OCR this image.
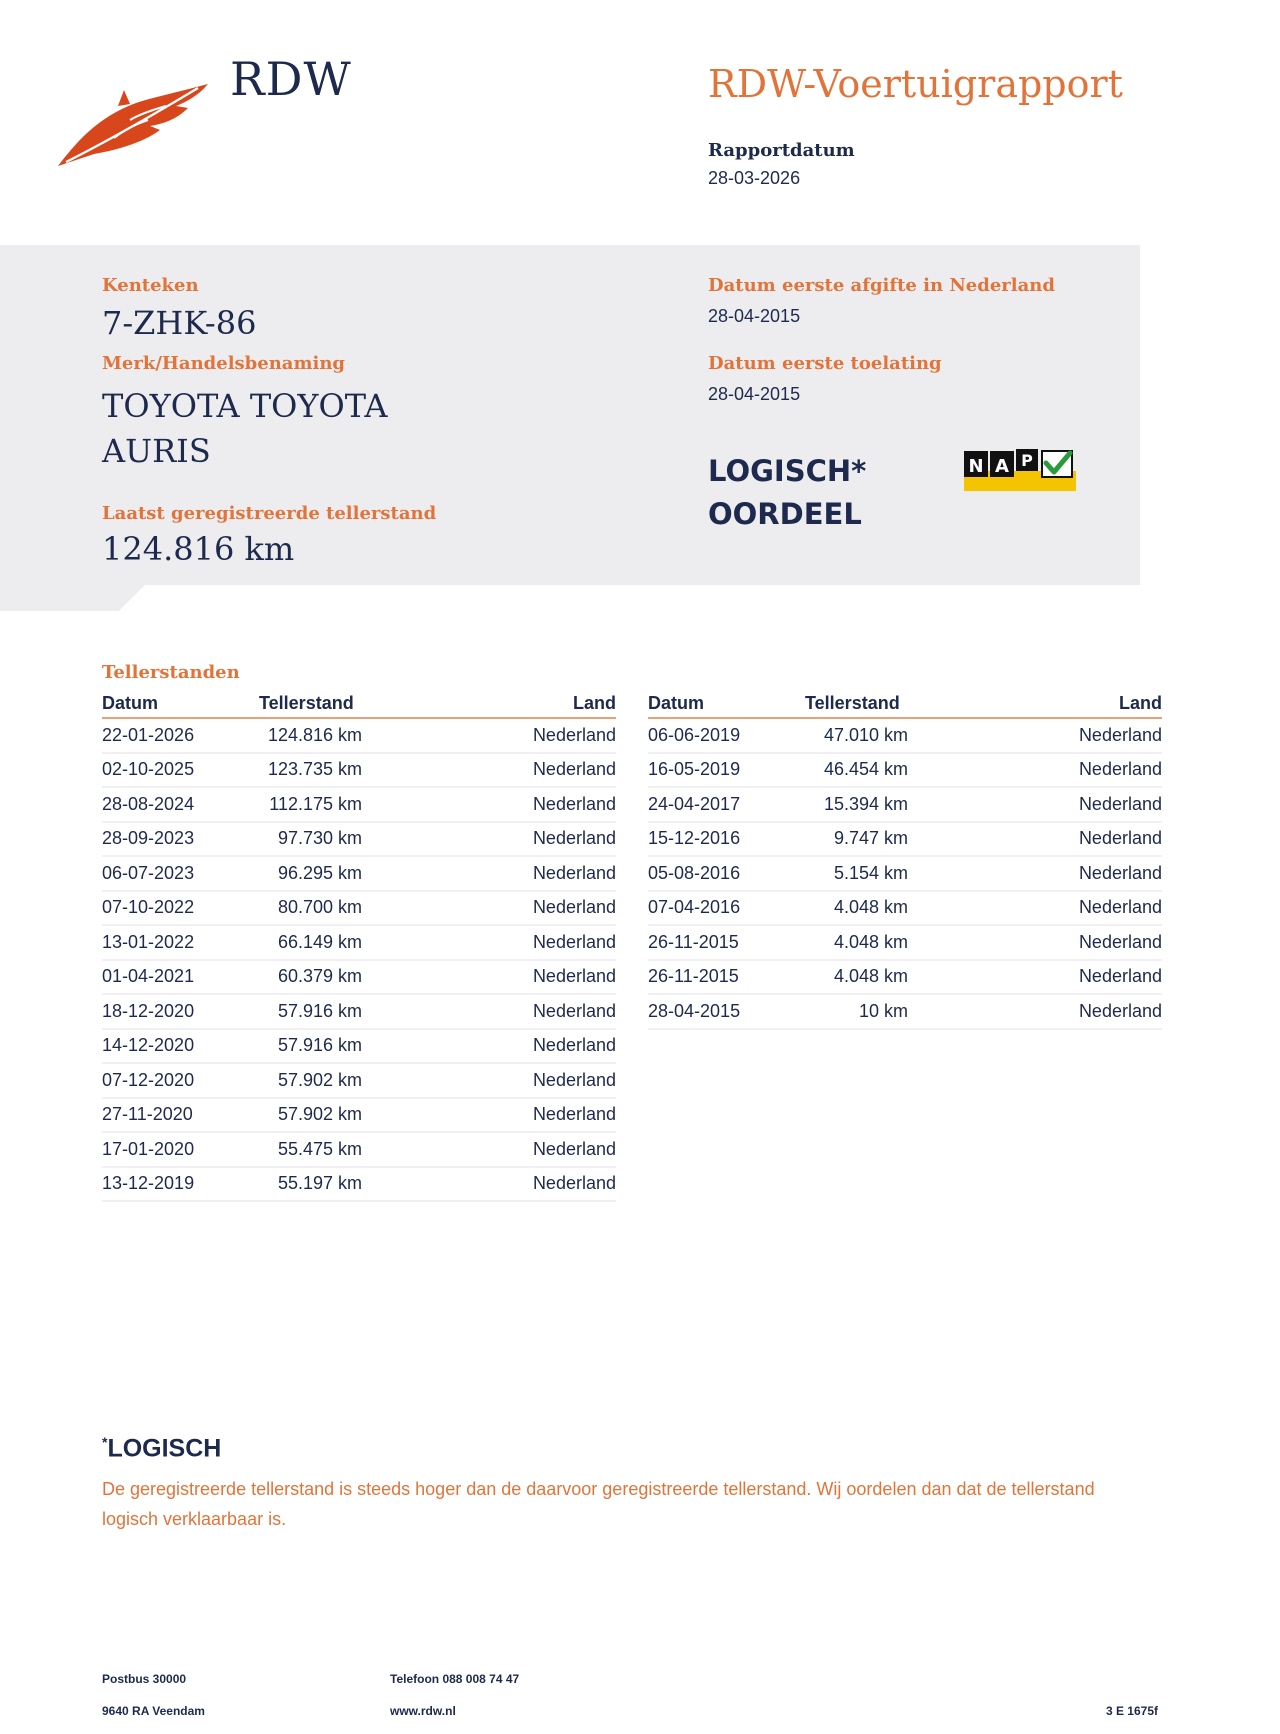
RDW	RDW-Voertuigrapport
Rapportdatum
28-03-2026
Kenteken
7-ZHK-86
Merk/Handelsbenaming
TOYOTA TOYOTA AURIS
Laatst geregistreerde tellerstand
124.816 km
Datum eerste afgifte in Nederland
28-04-2015
Datum eerste toelating
28-04-2015
LOGISCH*
OORDEEL
N A P
Tellerstanden
Datum	Tellerstand	Land
22-01-2026	124.816 km	Nederland
02-10-2025	123.735 km	Nederland
28-08-2024	112.175 km	Nederland
28-09-2023	97.730 km	Nederland
06-07-2023	96.295 km	Nederland
07-10-2022	80.700 km	Nederland
13-01-2022	66.149 km	Nederland
01-04-2021	60.379 km	Nederland
18-12-2020	57.916 km	Nederland
14-12-2020	57.916 km	Nederland
07-12-2020	57.902 km	Nederland
27-11-2020	57.902 km	Nederland
17-01-2020	55.475 km	Nederland
13-12-2019	55.197 km	Nederland
Datum	Tellerstand	Land
06-06-2019	47.010 km	Nederland
16-05-2019	46.454 km	Nederland
24-04-2017	15.394 km	Nederland
15-12-2016	9.747 km	Nederland
05-08-2016	5.154 km	Nederland
07-04-2016	4.048 km	Nederland
26-11-2015	4.048 km	Nederland
26-11-2015	4.048 km	Nederland
28-04-2015	10 km	Nederland
*LOGISCH
De geregistreerde tellerstand is steeds hoger dan de daarvoor geregistreerde tellerstand. Wij oordelen dan dat de tellerstand logisch verklaarbaar is.
Postbus 30000
9640 RA Veendam
Telefoon 088 008 74 47
www.rdw.nl	3 E 1675f
